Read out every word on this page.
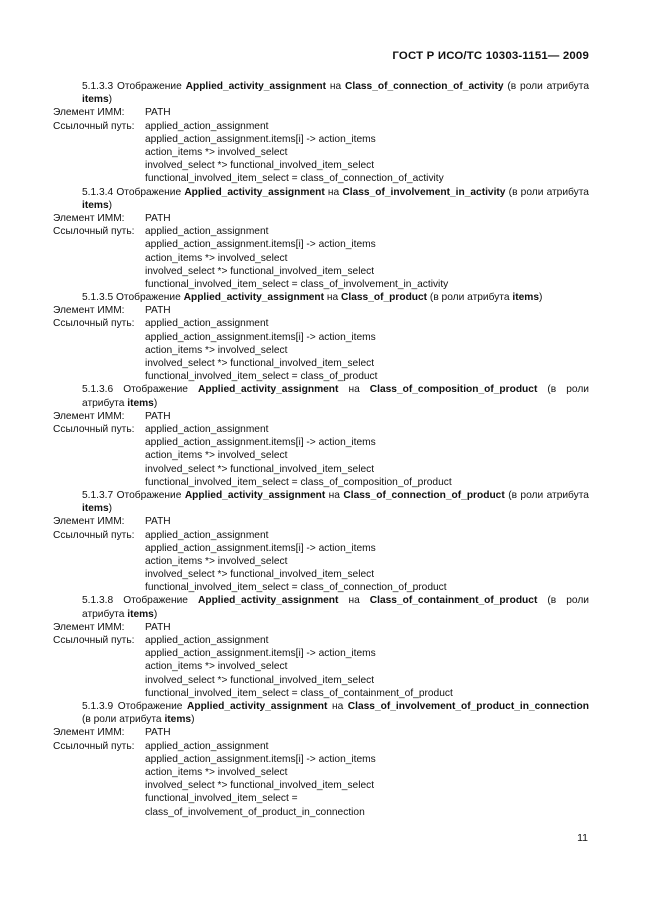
ГОСТ Р ИСО/ТС 10303-1151— 2009
5.1.3.3 Отображение Applied_activity_assignment на Class_of_connection_of_activity (в роли атрибута items)
Элемент ИММ: PATH
Ссылочный путь: applied_action_assignment
applied_action_assignment.items[i] -> action_items
action_items *> involved_select
involved_select *> functional_involved_item_select
functional_involved_item_select = class_of_connection_of_activity
5.1.3.4 Отображение Applied_activity_assignment на Class_of_involvement_in_activity (в роли атрибута items)
Элемент ИММ: PATH
Ссылочный путь: applied_action_assignment
applied_action_assignment.items[i] -> action_items
action_items *> involved_select
involved_select *> functional_involved_item_select
functional_involved_item_select = class_of_involvement_in_activity
5.1.3.5 Отображение Applied_activity_assignment на Class_of_product (в роли атрибута items)
Элемент ИММ: PATH
Ссылочный путь: applied_action_assignment
applied_action_assignment.items[i] -> action_items
action_items *> involved_select
involved_select *> functional_involved_item_select
functional_involved_item_select = class_of_product
5.1.3.6 Отображение Applied_activity_assignment на Class_of_composition_of_product (в роли атрибута items)
Элемент ИММ: PATH
Ссылочный путь: applied_action_assignment
applied_action_assignment.items[i] -> action_items
action_items *> involved_select
involved_select *> functional_involved_item_select
functional_involved_item_select = class_of_composition_of_product
5.1.3.7 Отображение Applied_activity_assignment на Class_of_connection_of_product (в роли атрибута items)
Элемент ИММ: PATH
Ссылочный путь: applied_action_assignment
applied_action_assignment.items[i] -> action_items
action_items *> involved_select
involved_select *> functional_involved_item_select
functional_involved_item_select = class_of_connection_of_product
5.1.3.8 Отображение Applied_activity_assignment на Class_of_containment_of_product (в роли атрибута items)
Элемент ИММ: PATH
Ссылочный путь: applied_action_assignment
applied_action_assignment.items[i] -> action_items
action_items *> involved_select
involved_select *> functional_involved_item_select
functional_involved_item_select = class_of_containment_of_product
5.1.3.9 Отображение Applied_activity_assignment на Class_of_involvement_of_product_in_connection (в роли атрибута items)
Элемент ИММ: PATH
Ссылочный путь: applied_action_assignment
applied_action_assignment.items[i] -> action_items
action_items *> involved_select
involved_select *> functional_involved_item_select
functional_involved_item_select =
class_of_involvement_of_product_in_connection
11
